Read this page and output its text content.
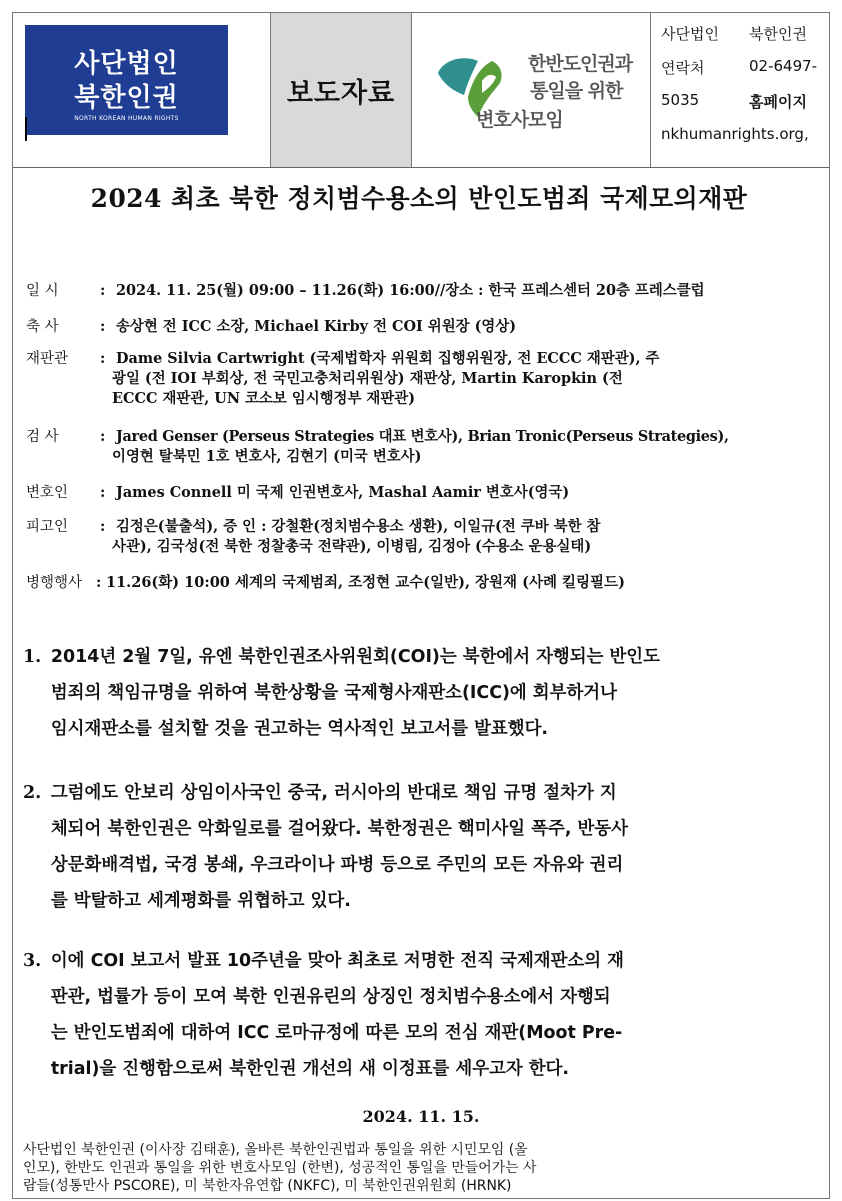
사단법인
북한인권
NORTH KOREAN HUMAN RIGHTS
보도자료
한반도인권과
통일을 위한
변호사모임
사단법인 북한인권
연락처	02-6497-
5035	홈페이지
nkhumanrights.org,
2024 최초 북한 정치범수용소의 반인도범죄 국제모의재판
일 시	: 2024. 11. 25(월) 09:00 – 11.26(화) 16:00//장소 : 한국 프레스센터 20층 프레스클럽
축 사	: 송상현 전 ICC 소장, Michael Kirby 전 COI 위원장 (영상)
재판관	: Dame Silvia Cartwright (국제법학자 위원회 집행위원장, 전 ECCC 재판관), 주
광일 (전 IOI 부회상, 전 국민고충처리위원상) 재판상, Martin Karopkin (전
ECCC 재판관, UN 코소보 임시행정부 재판관)
검 사	: Jared Genser (Perseus Strategies 대표 변호사), Brian Tronic(Perseus Strategies),
이영현 탈북민 1호 변호사, 김현기 (미국 변호사)
변호인	: James Connell 미 국제 인권변호사, Mashal Aamir 변호사(영국)
피고인	: 김정은(불출석), 증 인 : 강철환(정치범수용소 생환), 이일규(전 쿠바 북한 참
사관), 김국성(전 북한 정찰총국 전략관), 이병림, 김정아 (수용소 운용실태)
병행행사 : 11.26(화) 10:00 세계의 국제범죄, 조정현 교수(일반), 장원재 (사례 킬링필드)
1. 2014년 2월 7일, 유엔 북한인권조사위원회(COI)는 북한에서 자행되는 반인도
범죄의 책임규명을 위하여 북한상황을 국제형사재판소(ICC)에 회부하거나
임시재판소를 설치할 것을 권고하는 역사적인 보고서를 발표했다.
2. 그럼에도 안보리 상임이사국인 중국, 러시아의 반대로 책임 규명 절차가 지
체되어 북한인권은 악화일로를 걸어왔다. 북한정권은 핵미사일 폭주, 반동사
상문화배격법, 국경 봉쇄, 우크라이나 파병 등으로 주민의 모든 자유와 권리
를 박탈하고 세계평화를 위협하고 있다.
3. 이에 COI 보고서 발표 10주년을 맞아 최초로 저명한 전직 국제재판소의 재
판관, 법률가 등이 모여 북한 인권유린의 상징인 정치범수용소에서 자행되
는 반인도범죄에 대하여 ICC 로마규정에 따른 모의 전심 재판(Moot Pre-
trial)을 진행함으로써 북한인권 개선의 새 이정표를 세우고자 한다.
2024. 11. 15.
사단법인 북한인권 (이사장 김태훈), 올바른 북한인권법과 통일을 위한 시민모임 (올
인모), 한반도 인권과 통일을 위한 변호사모임 (한변), 성공적인 통일을 만들어가는 사
람들(성통만사 PSCORE), 미 북한자유연합 (NKFC), 미 북한인권위원회 (HRNK)
